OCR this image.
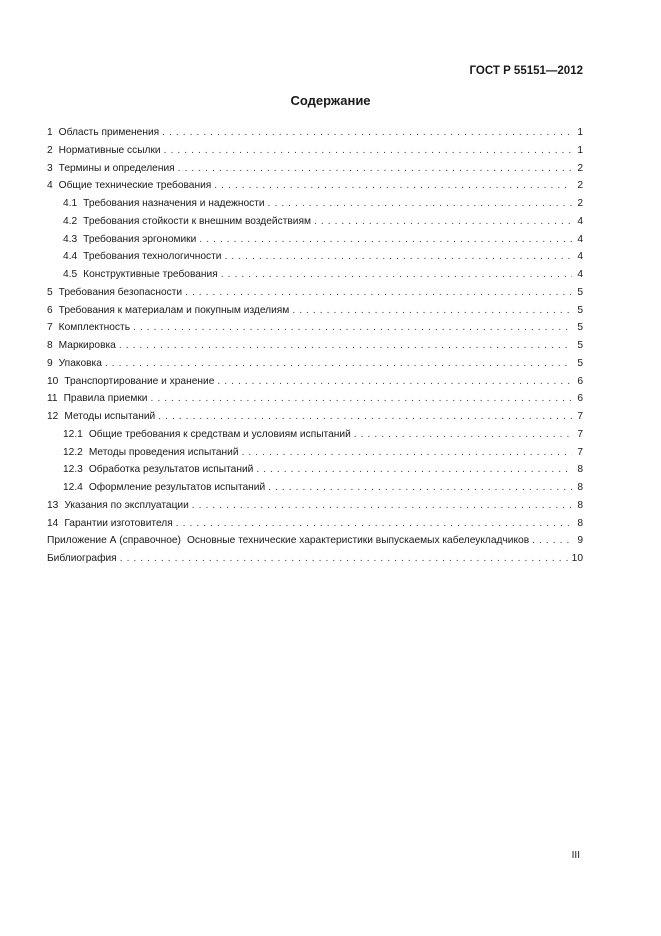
ГОСТ Р 55151—2012
Содержание
1 Область применения . . .	1
2 Нормативные ссылки . . .	1
3 Термины и определения . . .	2
4 Общие технические требования . . .	2
4.1 Требования назначения и надежности . . .	2
4.2 Требования стойкости к внешним воздействиям . . .	4
4.3 Требования эргономики . . .	4
4.4 Требования технологичности . . .	4
4.5 Конструктивные требования . . .	4
5 Требования безопасности . . .	5
6 Требования к материалам и покупным изделиям . . .	5
7 Комплектность . . .	5
8 Маркировка . . .	5
9 Упаковка . . .	5
10 Транспортирование и хранение . . .	6
11 Правила приемки . . .	6
12 Методы испытаний . . .	7
12.1 Общие требования к средствам и условиям испытаний . . .	7
12.2 Методы проведения испытаний . . .	7
12.3 Обработка результатов испытаний . . .	8
12.4 Оформление результатов испытаний . . .	8
13 Указания по эксплуатации . . .	8
14 Гарантии изготовителя . . .	8
Приложение А (справочное) Основные технические характеристики выпускаемых кабелеукладчиков . . .	9
Библиография . . .	10
III
